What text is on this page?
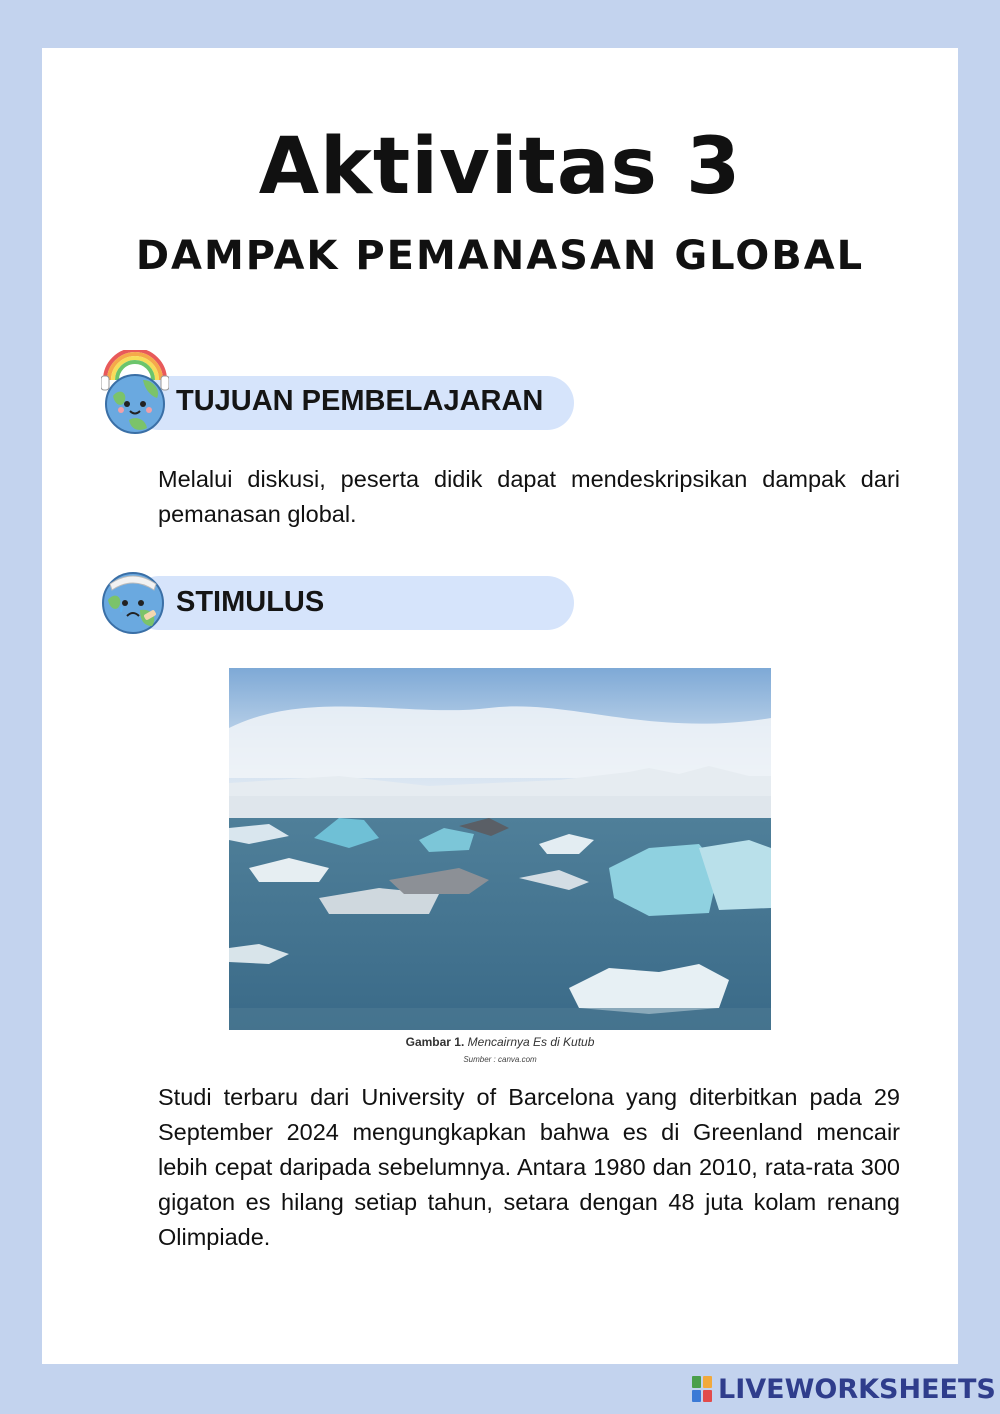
Aktivitas 3
DAMPAK PEMANASAN GLOBAL
TUJUAN PEMBELAJARAN
Melalui diskusi, peserta didik dapat mendeskripsikan dampak dari pemanasan global.
STIMULUS
Gambar 1. Mencairnya Es di Kutub
Sumber : canva.com
Studi terbaru dari University of Barcelona yang diterbitkan pada 29 September 2024 mengungkapkan bahwa es di Greenland mencair lebih cepat daripada sebelumnya. Antara 1980 dan 2010, rata-rata 300 gigaton es hilang setiap tahun, setara dengan 48 juta kolam renang Olimpiade.
LIVEWORKSHEETS
